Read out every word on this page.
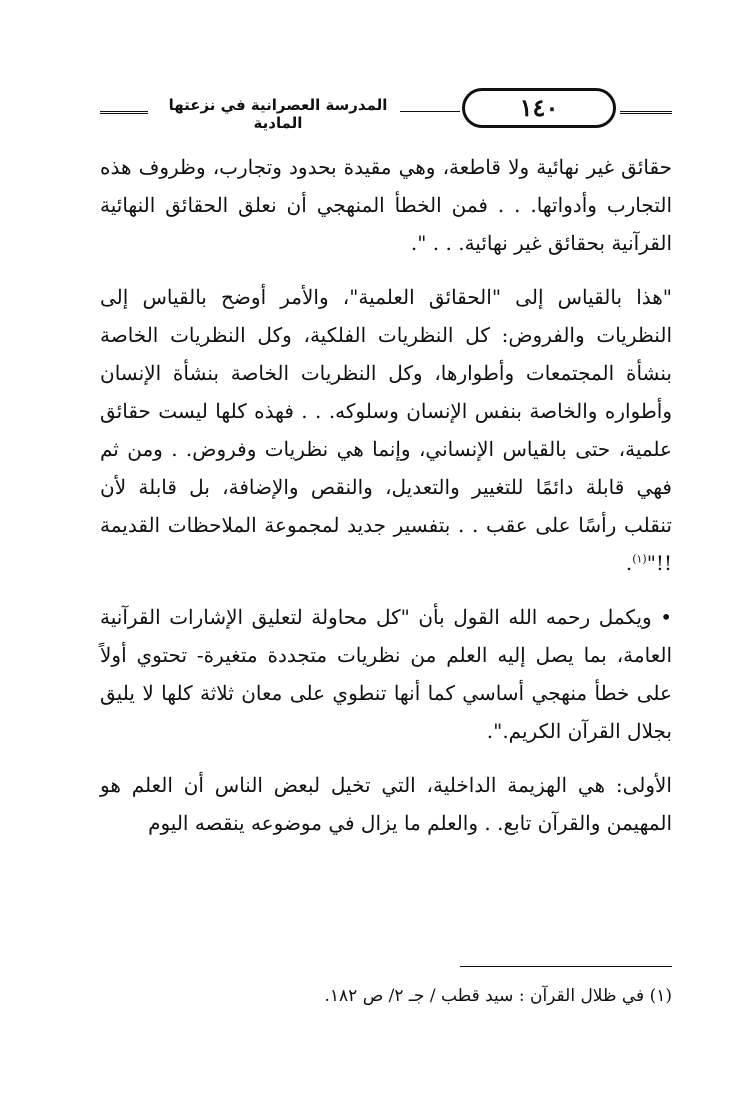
المدرسة العصرانية في نزعتها المادية
١٤٠

حقائق غير نهائية ولا قاطعة، وهي مقيدة بحدود وتجارب، وظروف هذه التجارب وأدواتها. . . فمن الخطأ المنهجي أن نعلق الحقائق النهائية القرآنية بحقائق غير نهائية. . . ".

"هذا بالقياس إلى "الحقائق العلمية"، والأمر أوضح بالقياس إلى النظريات والفروض: كل النظريات الفلكية، وكل النظريات الخاصة بنشأة المجتمعات وأطوارها، وكل النظريات الخاصة بنشأة الإنسان وأطواره والخاصة بنفس الإنسان وسلوكه. . . فهذه كلها ليست حقائق علمية، حتى بالقياس الإنساني، وإنما هي نظريات وفروض. . ومن ثم فهي قابلة دائمًا للتغيير والتعديل، والنقص والإضافة، بل قابلة لأن تنقلب رأسًا على عقب . . بتفسير جديد لمجموعة الملاحظات القديمة !!"$^{(١)}$.

• ويكمل رحمه الله القول بأن "كل محاولة لتعليق الإشارات القرآنية العامة، بما يصل إليه العلم من نظريات متجددة متغيرة- تحتوي أولاً على خطأ منهجي أساسي كما أنها تنطوي على معان ثلاثة كلها لا يليق بجلال القرآن الكريم.".

الأولى: هي الهزيمة الداخلية، التي تخيل لبعض الناس أن العلم هو المهيمن والقرآن تابع. . والعلم ما يزال في موضوعه ينقصه اليوم

(١) في ظلال القرآن : سيد قطب / جـ ٢/ ص ١٨٢.
